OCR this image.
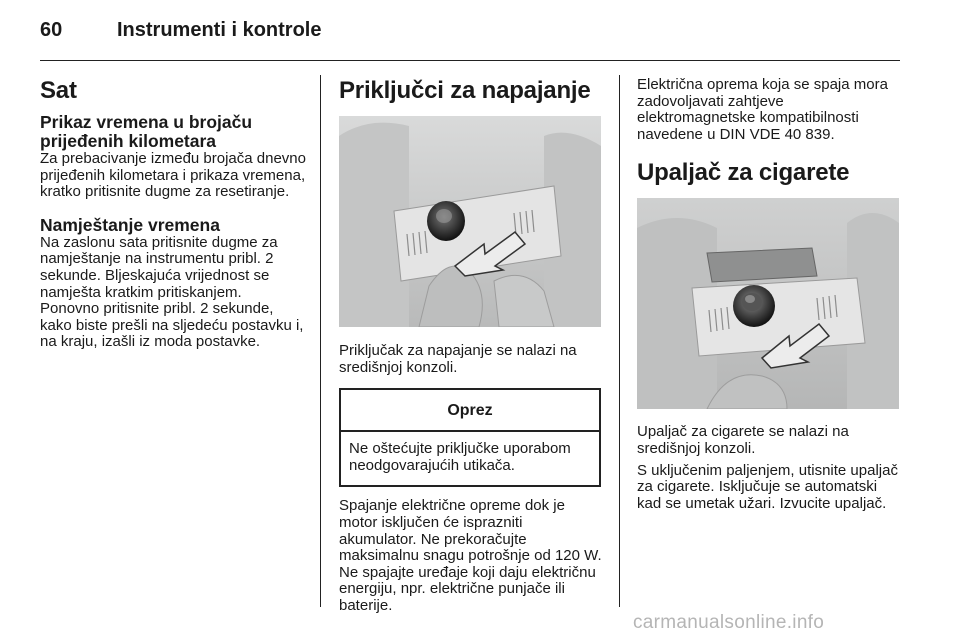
60	Instrumenti i kontrole
Sat
Prikaz vremena u brojaču prijeđenih kilometara

Za prebacivanje između brojača dnevno prijeđenih kilometara i prikaza vremena, kratko pritisnite dugme za resetiranje.

Namještanje vremena

Na zaslonu sata pritisnite dugme za namještanje na instrumentu pribl. 2 sekunde. Bljeskajuća vrijednost se namješta kratkim pritiskanjem.

Ponovno pritisnite pribl. 2 sekunde, kako biste prešli na sljedeću postavku i, na kraju, izašli iz moda postavke.

Priključci za napajanje

Priključak za napajanje se nalazi na središnjoj konzoli.

Oprez
Ne oštećujte priključke uporabom neodgovarajućih utikača.

Spajanje električne opreme dok je motor isključen će isprazniti akumulator. Ne prekoračujte maksimalnu snagu potrošnje od 120 W. Ne spajajte uređaje koji daju električnu energiju, npr. električne punjače ili baterije.

Električna oprema koja se spaja mora zadovoljavati zahtjeve elektromagnetske kompatibilnosti navedene u DIN VDE 40 839.

Upaljač za cigarete

Upaljač za cigarete se nalazi na središnjoj konzoli.

S uključenim paljenjem, utisnite upaljač za cigarete. Isključuje se automatski kad se umetak užari. Izvucite upaljač.

carmanualsonline.info
